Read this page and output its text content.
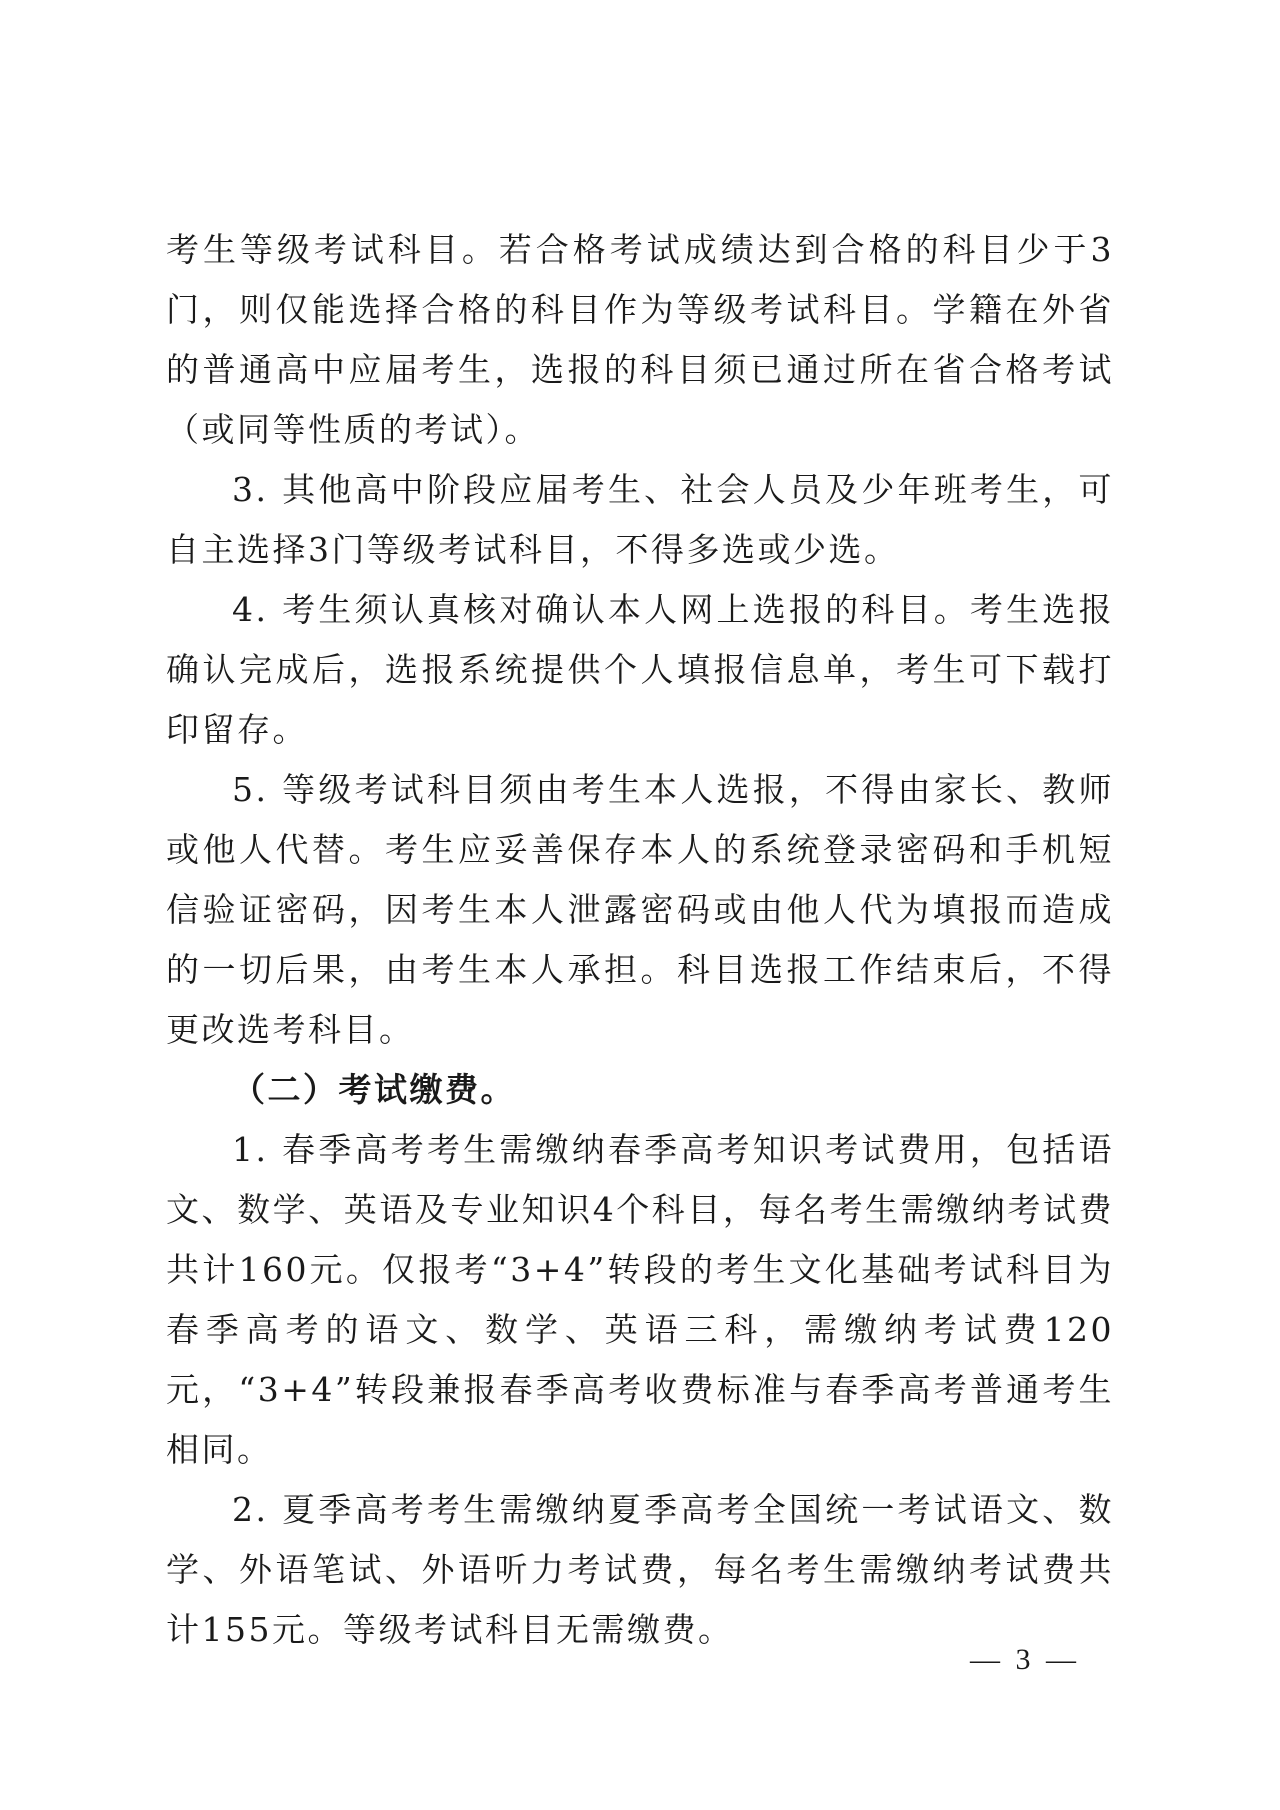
考生等级考试科目。若合格考试成绩达到合格的科目少于3门，则仅能选择合格的科目作为等级考试科目。学籍在外省的普通高中应届考生，选报的科目须已通过所在省合格考试（或同等性质的考试）。

3. 其他高中阶段应届考生、社会人员及少年班考生，可自主选择3门等级考试科目，不得多选或少选。

4. 考生须认真核对确认本人网上选报的科目。考生选报确认完成后，选报系统提供个人填报信息单，考生可下载打印留存。

5. 等级考试科目须由考生本人选报，不得由家长、教师或他人代替。考生应妥善保存本人的系统登录密码和手机短信验证密码，因考生本人泄露密码或由他人代为填报而造成的一切后果，由考生本人承担。科目选报工作结束后，不得更改选考科目。

（二）考试缴费。

1. 春季高考考生需缴纳春季高考知识考试费用，包括语文、数学、英语及专业知识4个科目，每名考生需缴纳考试费共计160元。仅报考“3+4”转段的考生文化基础考试科目为春季高考的语文、数学、英语三科，需缴纳考试费120元，“3+4”转段兼报春季高考收费标准与春季高考普通考生相同。

2. 夏季高考考生需缴纳夏季高考全国统一考试语文、数学、外语笔试、外语听力考试费，每名考生需缴纳考试费共计155元。等级考试科目无需缴费。

— 3 —
